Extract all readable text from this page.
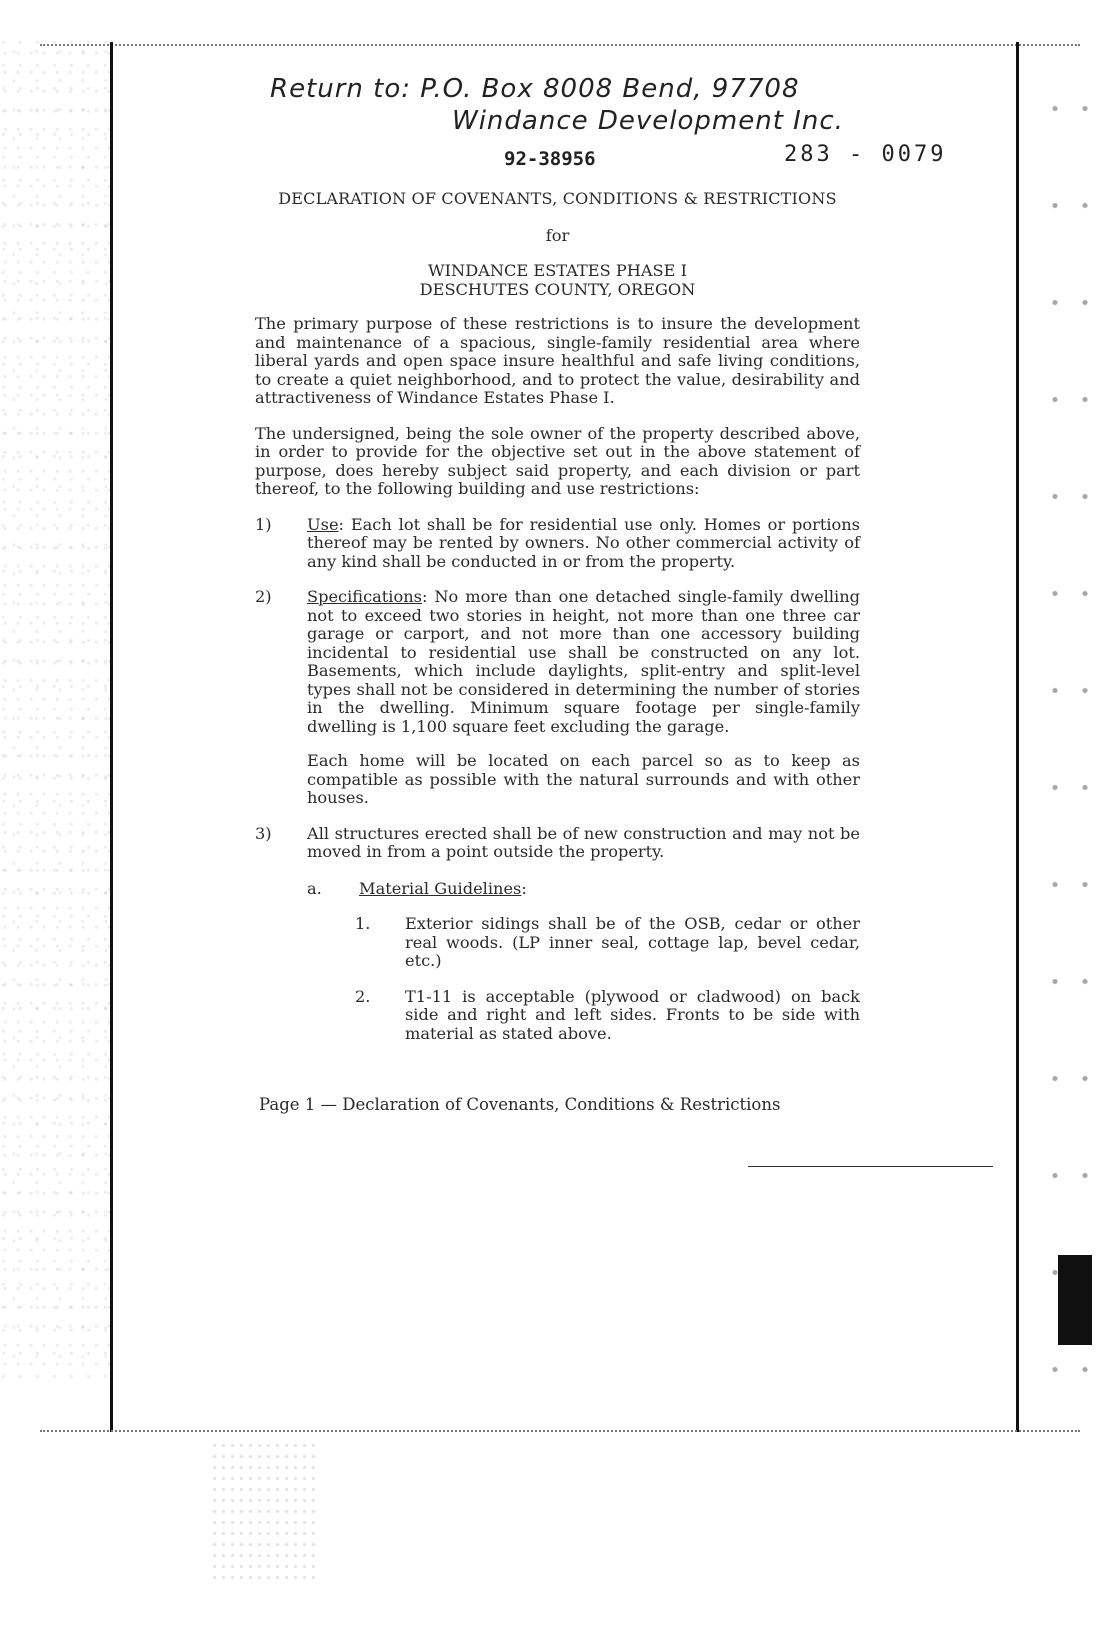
Return to: P.O. Box 8008 Bend, 97708
Windance Development Inc.
92-38956	283 - 0079
DECLARATION OF COVENANTS, CONDITIONS & RESTRICTIONS
for
WINDANCE ESTATES PHASE I
DESCHUTES COUNTY, OREGON

The primary purpose of these restrictions is to insure the development and maintenance of a spacious, single-family residential area where liberal yards and open space insure healthful and safe living conditions, to create a quiet neighborhood, and to protect the value, desirability and attractiveness of Windance Estates Phase I.

The undersigned, being the sole owner of the property described above, in order to provide for the objective set out in the above statement of purpose, does hereby subject said property, and each division or part thereof, to the following building and use restrictions:

1) Use: Each lot shall be for residential use only. Homes or portions thereof may be rented by owners. No other commercial activity of any kind shall be conducted in or from the property.
2) Specifications: No more than one detached single-family dwelling not to exceed two stories in height, not more than one three car garage or carport, and not more than one accessory building incidental to residential use shall be constructed on any lot. Basements, which include daylights, split-entry and split-level types shall not be considered in determining the number of stories in the dwelling. Minimum square footage per single-family dwelling is 1,100 square feet excluding the garage.
Each home will be located on each parcel so as to keep as compatible as possible with the natural surrounds and with other houses.
3) All structures erected shall be of new construction and may not be moved in from a point outside the property.
a. Material Guidelines:
1. Exterior sidings shall be of the OSB, cedar or other real woods. (LP inner seal, cottage lap, bevel cedar, etc.)
2. T1-11 is acceptable (plywood or cladwood) on back side and right and left sides. Fronts to be side with material as stated above.
Page 1 — Declaration of Covenants, Conditions & Restrictions
